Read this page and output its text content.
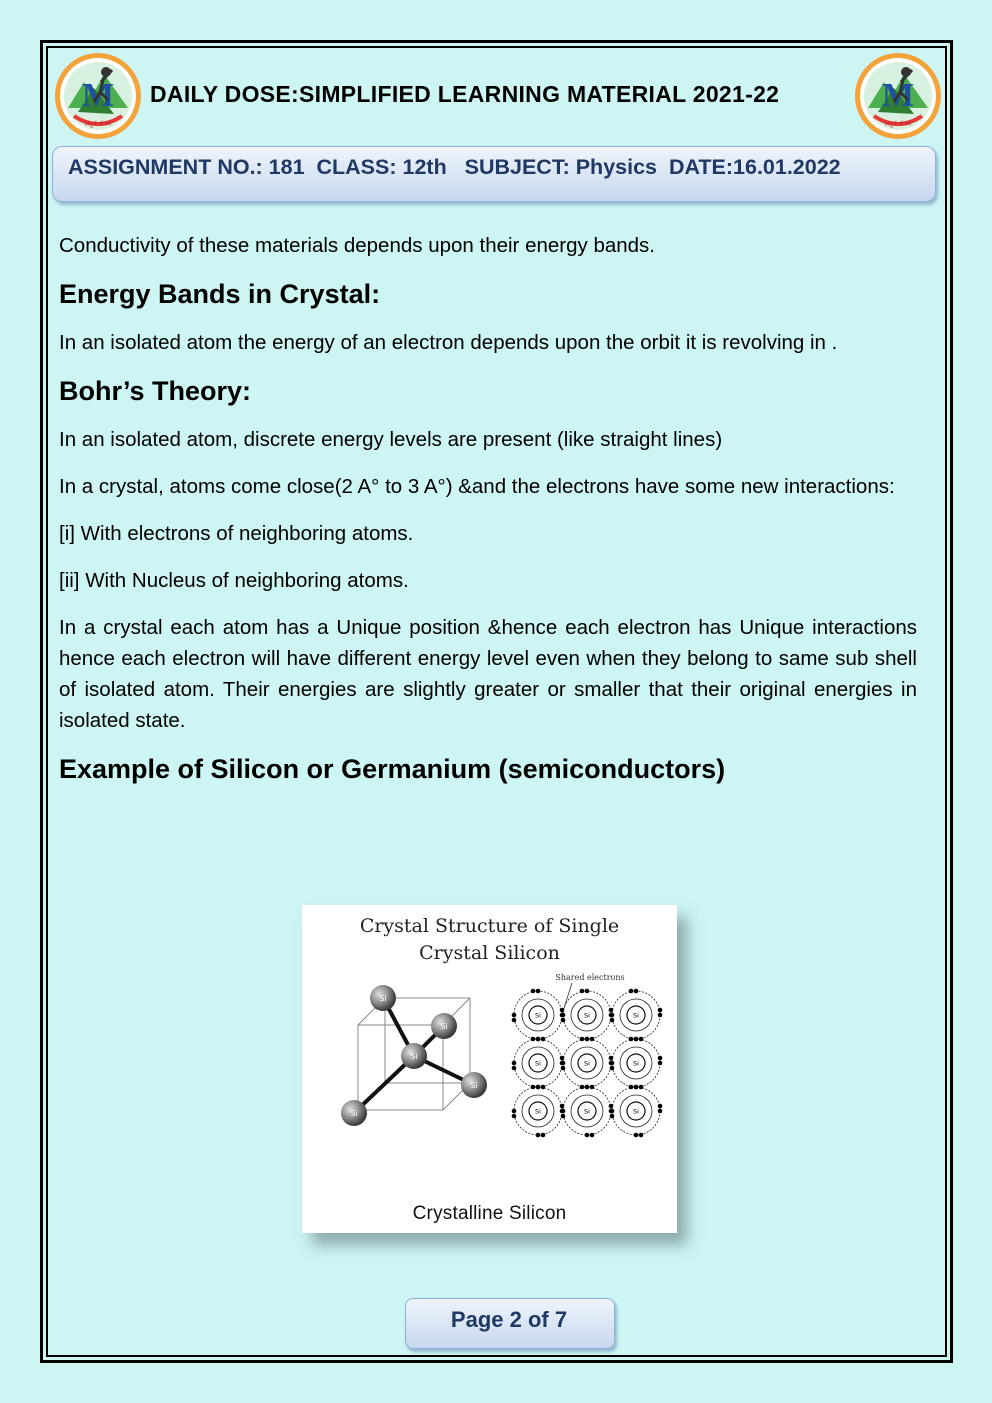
M
संपूर्ण पोषण
M
संपूर्ण पोषण
DAILY DOSE:SIMPLIFIED LEARNING MATERIAL 2021-22
ASSIGNMENT NO.: 181  CLASS: 12th   SUBJECT: Physics  DATE:16.01.2022

Conductivity of these materials depends upon their energy bands.

Energy Bands in Crystal:

In an isolated atom the energy of an electron depends upon the orbit it is revolving in .

Bohr’s Theory:

In an isolated atom, discrete energy levels are present (like straight lines)

In a crystal, atoms come close(2 A° to 3 A°) &and the electrons have some new interactions:

[i] With electrons of neighboring atoms.

[ii] With Nucleus of neighboring atoms.

In a crystal each atom has a Unique position &hence each electron has Unique interactions hence each electron will have different energy level even when they belong to same sub shell of isolated atom. Their energies are slightly greater or smaller that their original energies in isolated state.

Example of Silicon or Germanium (semiconductors)
Crystal Structure of Single
Crystal Silicon
Si
Si
Si
Si
Si
Shared electrons
Si	Si	Si
Si	Si	Si
Si	Si	Si
Crystalline Silicon
Page 2 of 7
